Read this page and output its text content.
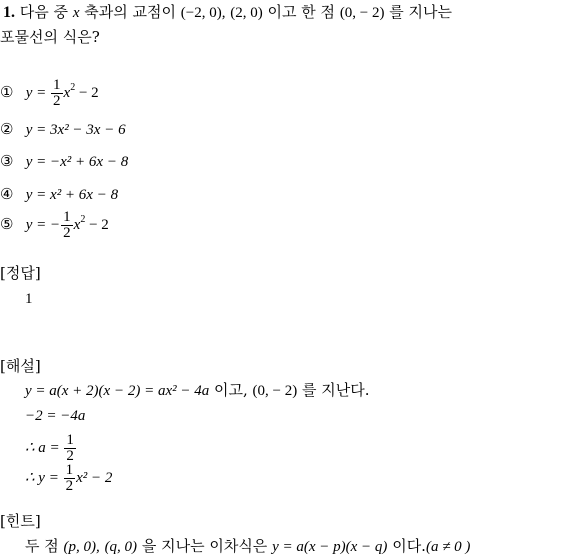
1. 다음 중 x 축과의 교점이 (−2, 0), (2, 0) 이고 한 점 (0, − 2) 를 지나는
포물선의 식은?
① $y = \frac{1}{2} x^2 - 2$
② y = 3x² − 3x − 6
③ y = −x² + 6x − 8
④ y = x² + 6x − 8
⑤ y = − $\frac{1}{2} x^2 - 2$
[정답]
1
[해설]
y = a(x + 2)(x − 2) = ax² − 4a 이고, (0, − 2) 를 지난다.
−2 = −4a
∴ $a = \frac{1}{2}$
∴ $y = \frac{1}{2} x^2 - 2$
[힌트]
두 점 (p, 0), (q, 0) 을 지나는 이차식은 y = a(x − p)(x − q) 이다.(a ≠ 0 )
